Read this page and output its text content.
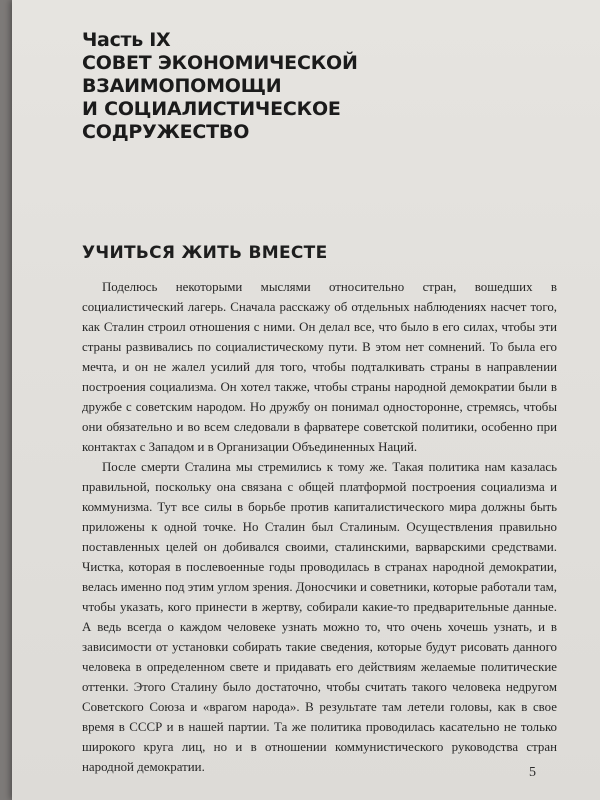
Часть IX
СОВЕТ ЭКОНОМИЧЕСКОЙ
ВЗАИМОПОМОЩИ
И СОЦИАЛИСТИЧЕСКОЕ
СОДРУЖЕСТВО
УЧИТЬСЯ ЖИТЬ ВМЕСТЕ

Поделюсь некоторыми мыслями относительно стран, вошедших в социалистический лагерь. Сначала расскажу об отдельных наблюдениях насчет того, как Сталин строил отношения с ними. Он делал все, что было в его силах, чтобы эти страны развивались по социалистическому пути. В этом нет сомнений. То была его мечта, и он не жалел усилий для того, чтобы подталкивать страны в направлении построения социализма. Он хотел также, чтобы страны народной демократии были в дружбе с советским народом. Но дружбу он понимал односторонне, стремясь, чтобы они обязательно и во всем следовали в фарватере советской политики, особенно при контактах с Западом и в Организации Объединенных Наций.

После смерти Сталина мы стремились к тому же. Такая политика нам казалась правильной, поскольку она связана с общей платформой построения социализма и коммунизма. Тут все силы в борьбе против капиталистического мира должны быть приложены к одной точке. Но Сталин был Сталиным. Осуществления правильно поставленных целей он добивался своими, сталинскими, варварскими средствами. Чистка, которая в послевоенные годы проводилась в странах народной демократии, велась именно под этим углом зрения. Доносчики и советники, которые работали там, чтобы указать, кого принести в жертву, собирали какие-то предварительные данные. А ведь всегда о каждом человеке узнать можно то, что очень хочешь узнать, и в зависимости от установки собирать такие сведения, которые будут рисовать данного человека в определенном свете и придавать его действиям желаемые политические оттенки. Этого Сталину было достаточно, чтобы считать такого человека недругом Советского Союза и «врагом народа». В результате там летели головы, как в свое время в СССР и в нашей партии. Та же политика проводилась касательно не только широкого круга лиц, но и в отношении коммунистического руководства стран народной демократии.	5
